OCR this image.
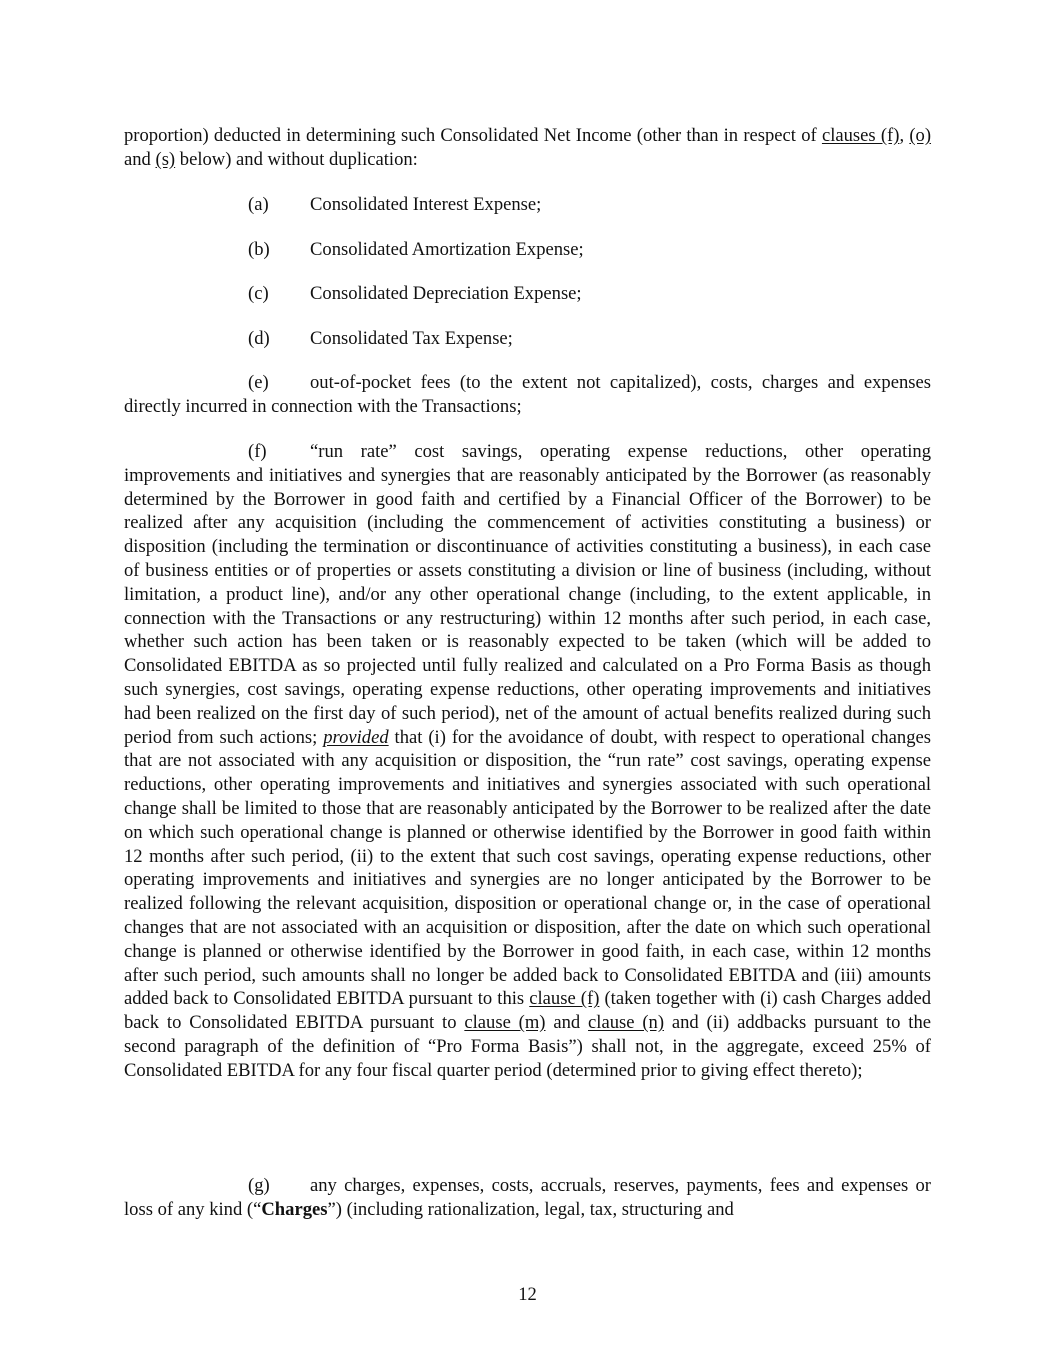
proportion) deducted in determining such Consolidated Net Income (other than in respect of clauses (f), (o) and (s) below) and without duplication:

(a) Consolidated Interest Expense;

(b) Consolidated Amortization Expense;

(c) Consolidated Depreciation Expense;

(d) Consolidated Tax Expense;

(e) out-of-pocket fees (to the extent not capitalized), costs, charges and expenses directly incurred in connection with the Transactions;

(f) “run rate” cost savings, operating expense reductions, other operating improvements and initiatives and synergies that are reasonably anticipated by the Borrower (as reasonably determined by the Borrower in good faith and certified by a Financial Officer of the Borrower) to be realized after any acquisition (including the commencement of activities constituting a business) or disposition (including the termination or discontinuance of activities constituting a business), in each case of business entities or of properties or assets constituting a division or line of business (including, without limitation, a product line), and/or any other operational change (including, to the extent applicable, in connection with the Transactions or any restructuring) within 12 months after such period, in each case, whether such action has been taken or is reasonably expected to be taken (which will be added to Consolidated EBITDA as so projected until fully realized and calculated on a Pro Forma Basis as though such synergies, cost savings, operating expense reductions, other operating improvements and initiatives had been realized on the first day of such period), net of the amount of actual benefits realized during such period from such actions; provided that (i) for the avoidance of doubt, with respect to operational changes that are not associated with any acquisition or disposition, the “run rate” cost savings, operating expense reductions, other operating improvements and initiatives and synergies associated with such operational change shall be limited to those that are reasonably anticipated by the Borrower to be realized after the date on which such operational change is planned or otherwise identified by the Borrower in good faith within 12 months after such period, (ii) to the extent that such cost savings, operating expense reductions, other operating improvements and initiatives and synergies are no longer anticipated by the Borrower to be realized following the relevant acquisition, disposition or operational change or, in the case of operational changes that are not associated with an acquisition or disposition, after the date on which such operational change is planned or otherwise identified by the Borrower in good faith, in each case, within 12 months after such period, such amounts shall no longer be added back to Consolidated EBITDA and (iii) amounts added back to Consolidated EBITDA pursuant to this clause (f) (taken together with (i) cash Charges added back to Consolidated EBITDA pursuant to clause (m) and clause (n) and (ii) addbacks pursuant to the second paragraph of the definition of “Pro Forma Basis”) shall not, in the aggregate, exceed 25% of Consolidated EBITDA for any four fiscal quarter period (determined prior to giving effect thereto);

(g) any charges, expenses, costs, accruals, reserves, payments, fees and expenses or loss of any kind (“Charges”) (including rationalization, legal, tax, structuring and

12
